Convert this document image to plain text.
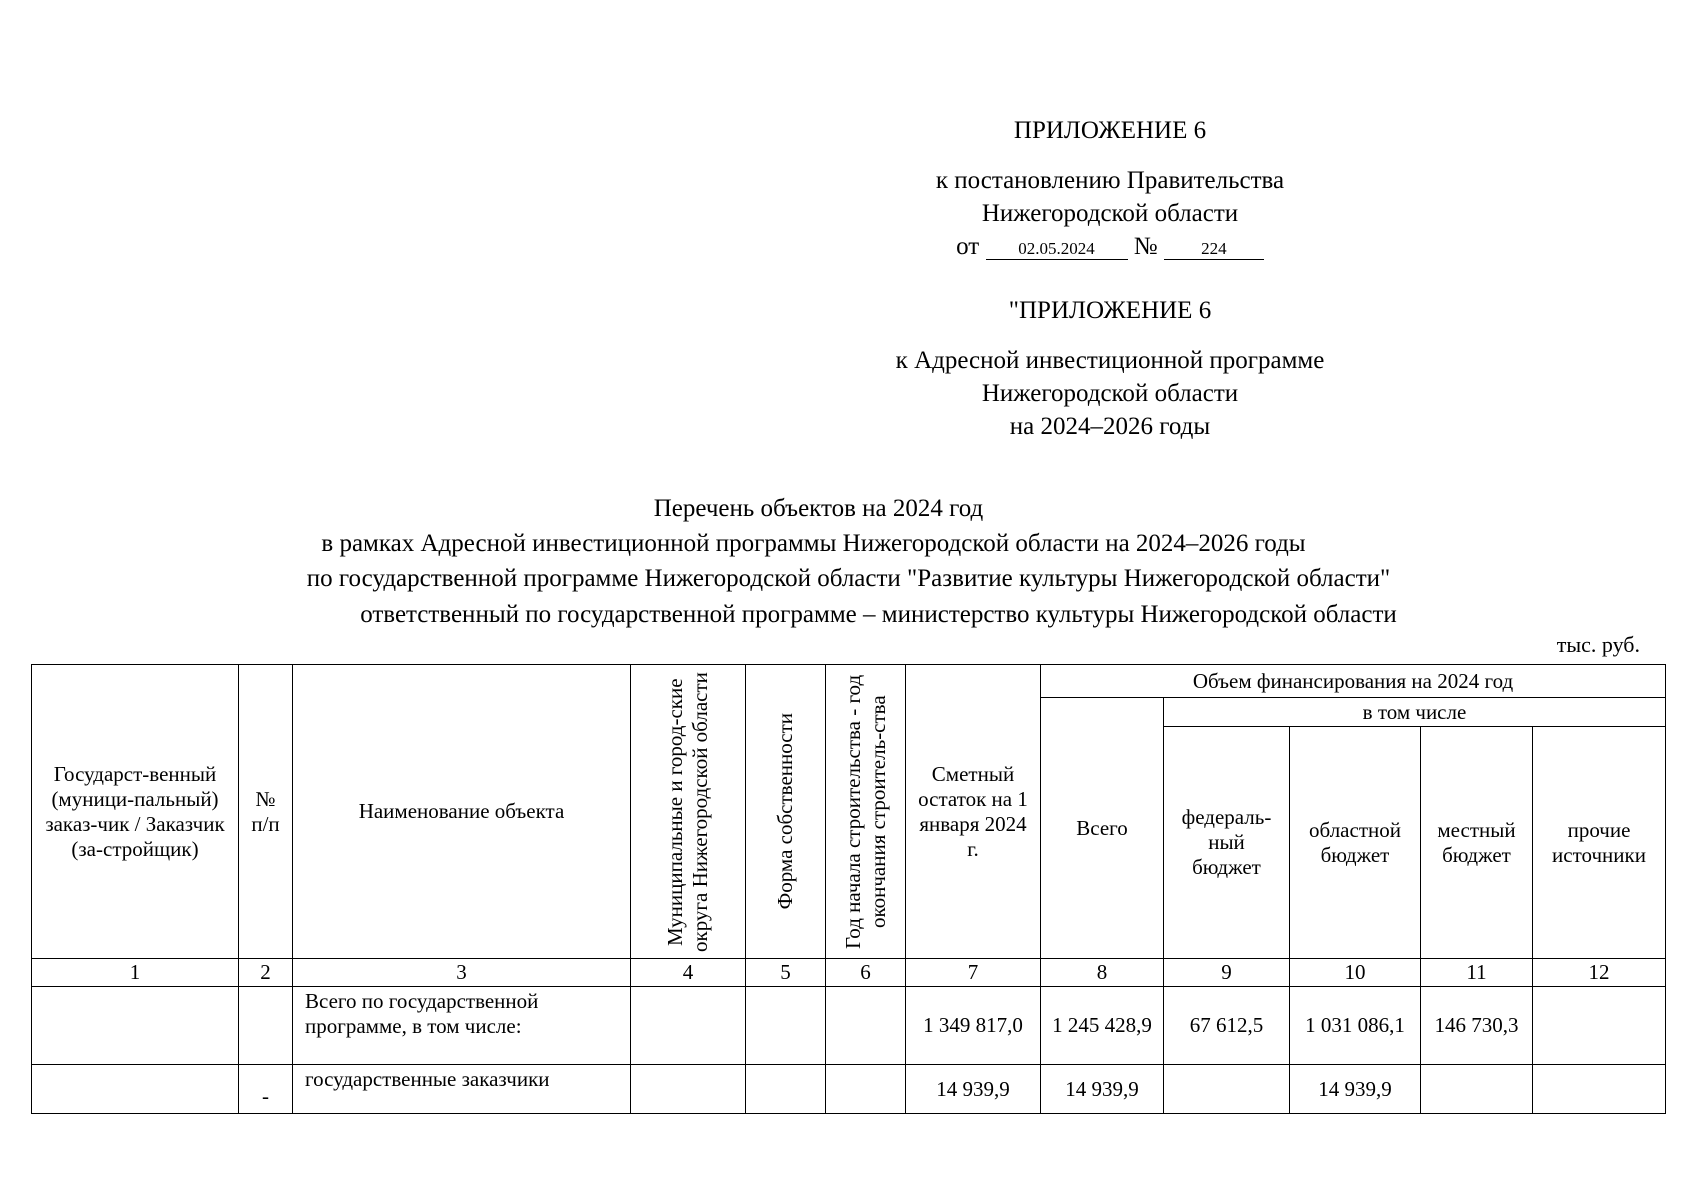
ПРИЛОЖЕНИЕ 6
к постановлению Правительства
Нижегородской области
от 02.05.2024 №	224
"ПРИЛОЖЕНИЕ 6
к Адресной инвестиционной программе
Нижегородской области
на 2024–2026 годы
Перечень объектов на 2024 год
в рамках Адресной инвестиционной программы Нижегородской области на 2024–2026 годы
по государственной программе Нижегородской области "Развитие культуры Нижегородской области"
ответственный по государственной программе – министерство культуры Нижегородской области
тыс. руб.
Государст-венный (муници-пальный) заказ-чик / Заказчик (за-стройщик)	№ п/п	Наименование объекта	Муниципальные и город-ские округа Нижегородской области	Форма собственности	Год начала строительства - год окончания строитель-ства	Сметный остаток на 1 января 2024 г.	Объем финансирования на 2024 год				
							Всего	в том числе			
								федераль-ный бюджет	областной бюджет	местный бюджет	прочие источники
1	2	3	4	5	6	7	8	9	10	11	12
		Всего по государственной программе, в том числе:				1 349 817,0	1 245 428,9	67 612,5	1 031 086,1	146 730,3	
	-	государственные заказчики				14 939,9	14 939,9		14 939,9		
